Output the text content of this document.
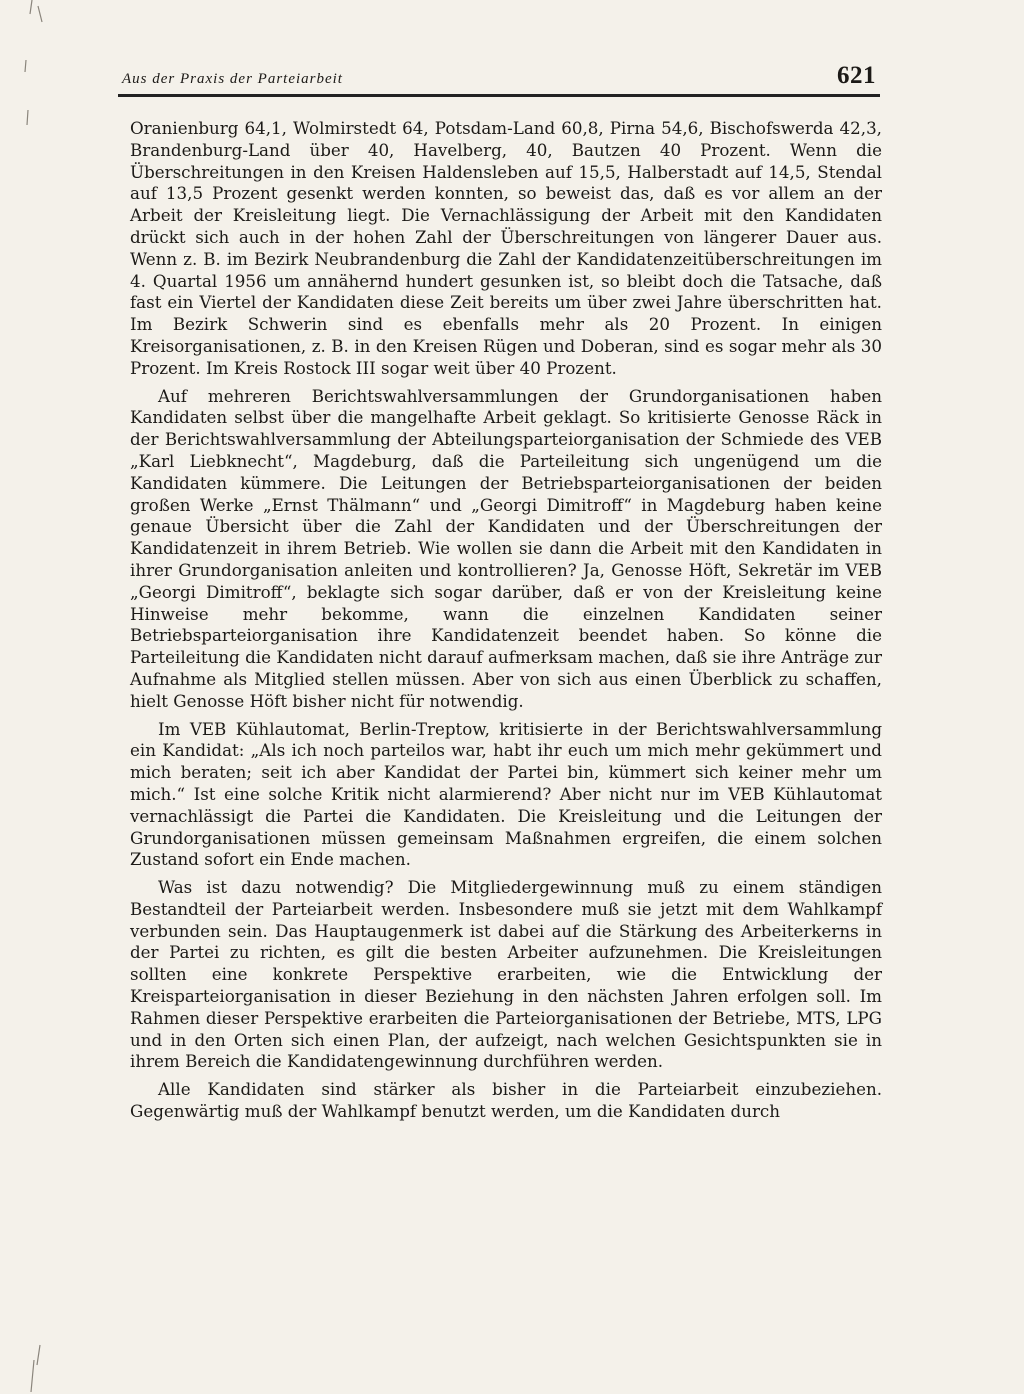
Aus der Praxis der Parteiarbeit	621

Oranienburg 64,1, Wolmirstedt 64, Potsdam-Land 60,8, Pirna 54,6, Bischofswerda 42,3, Brandenburg-Land über 40, Havelberg, 40, Bautzen 40 Prozent. Wenn die Überschreitungen in den Kreisen Haldensleben auf 15,5, Halberstadt auf 14,5, Stendal auf 13,5 Prozent gesenkt werden konnten, so beweist das, daß es vor allem an der Arbeit der Kreisleitung liegt. Die Vernachlässigung der Arbeit mit den Kandidaten drückt sich auch in der hohen Zahl der Überschreitungen von längerer Dauer aus. Wenn z. B. im Bezirk Neubrandenburg die Zahl der Kandidatenzeitüberschreitungen im 4. Quartal 1956 um annähernd hundert gesunken ist, so bleibt doch die Tatsache, daß fast ein Viertel der Kandidaten diese Zeit bereits um über zwei Jahre überschritten hat. Im Bezirk Schwerin sind es ebenfalls mehr als 20 Prozent. In einigen Kreisorganisationen, z. B. in den Kreisen Rügen und Doberan, sind es sogar mehr als 30 Prozent. Im Kreis Rostock III sogar weit über 40 Prozent.

Auf mehreren Berichtswahlversammlungen der Grundorganisationen haben Kandidaten selbst über die mangelhafte Arbeit geklagt. So kritisierte Genosse Räck in der Berichtswahlversammlung der Abteilungsparteiorganisation der Schmiede des VEB „Karl Liebknecht“, Magdeburg, daß die Parteileitung sich ungenügend um die Kandidaten kümmere. Die Leitungen der Betriebsparteiorganisationen der beiden großen Werke „Ernst Thälmann“ und „Georgi Dimitroff“ in Magdeburg haben keine genaue Übersicht über die Zahl der Kandidaten und der Überschreitungen der Kandidatenzeit in ihrem Betrieb. Wie wollen sie dann die Arbeit mit den Kandidaten in ihrer Grundorganisation anleiten und kontrollieren? Ja, Genosse Höft, Sekretär im VEB „Georgi Dimitroff“, beklagte sich sogar darüber, daß er von der Kreisleitung keine Hinweise mehr bekomme, wann die einzelnen Kandidaten seiner Betriebsparteiorganisation ihre Kandidatenzeit beendet haben. So könne die Parteileitung die Kandidaten nicht darauf aufmerksam machen, daß sie ihre Anträge zur Aufnahme als Mitglied stellen müssen. Aber von sich aus einen Überblick zu schaffen, hielt Genosse Höft bisher nicht für notwendig.

Im VEB Kühlautomat, Berlin-Treptow, kritisierte in der Berichtswahlversammlung ein Kandidat: „Als ich noch parteilos war, habt ihr euch um mich mehr gekümmert und mich beraten; seit ich aber Kandidat der Partei bin, kümmert sich keiner mehr um mich.“ Ist eine solche Kritik nicht alarmierend? Aber nicht nur im VEB Kühlautomat vernachlässigt die Partei die Kandidaten. Die Kreisleitung und die Leitungen der Grundorganisationen müssen gemeinsam Maßnahmen ergreifen, die einem solchen Zustand sofort ein Ende machen.

Was ist dazu notwendig? Die Mitgliedergewinnung muß zu einem ständigen Bestandteil der Parteiarbeit werden. Insbesondere muß sie jetzt mit dem Wahlkampf verbunden sein. Das Hauptaugenmerk ist dabei auf die Stärkung des Arbeiterkerns in der Partei zu richten, es gilt die besten Arbeiter aufzunehmen. Die Kreisleitungen sollten eine konkrete Perspektive erarbeiten, wie die Entwicklung der Kreisparteiorganisation in dieser Beziehung in den nächsten Jahren erfolgen soll. Im Rahmen dieser Perspektive erarbeiten die Parteiorganisationen der Betriebe, MTS, LPG und in den Orten sich einen Plan, der aufzeigt, nach welchen Gesichtspunkten sie in ihrem Bereich die Kandidatengewinnung durchführen werden.

Alle Kandidaten sind stärker als bisher in die Parteiarbeit einzubeziehen. Gegenwärtig muß der Wahlkampf benutzt werden, um die Kandidaten durch
